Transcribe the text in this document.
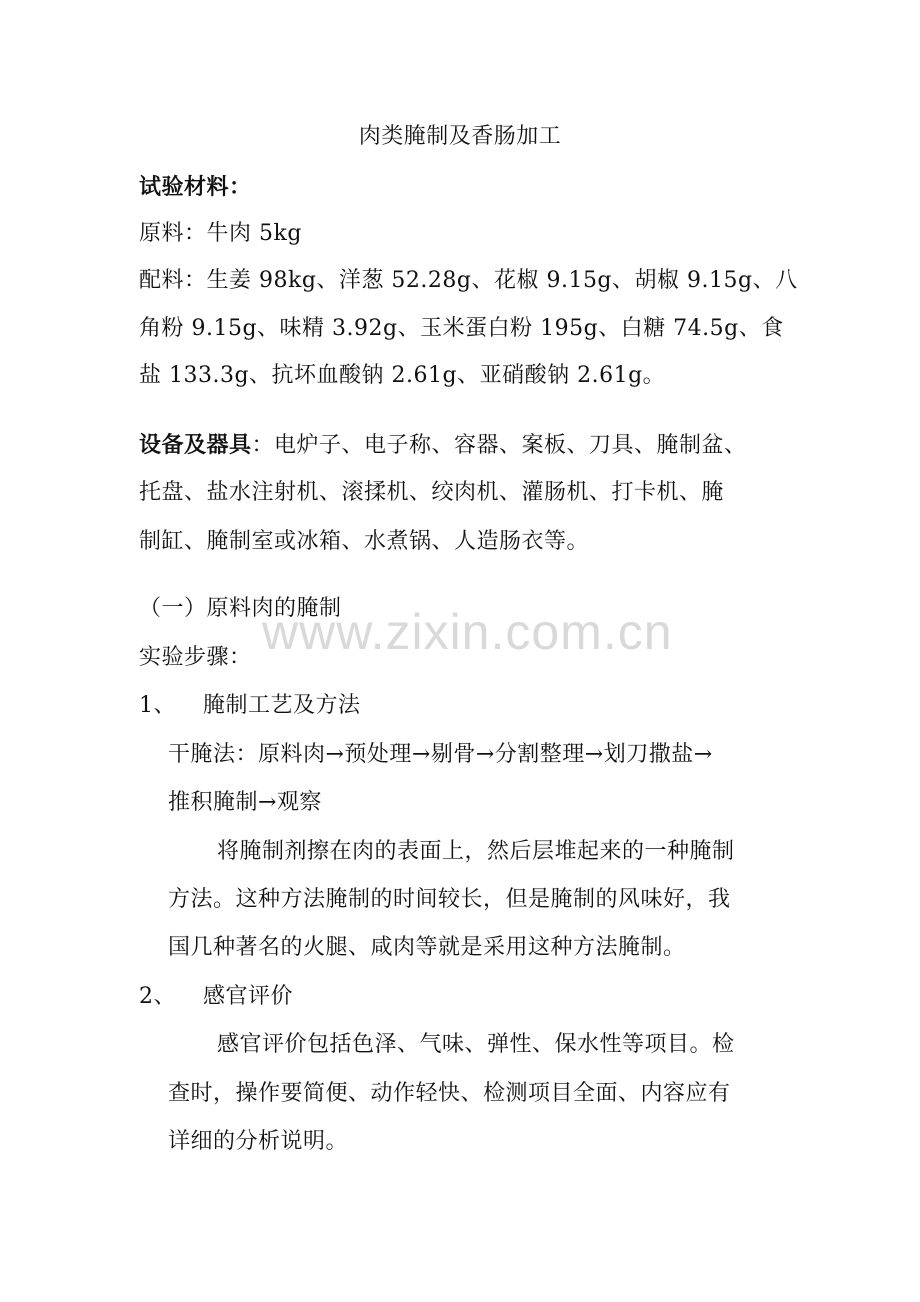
肉类腌制及香肠加工
试验材料：
原料：牛肉 5kg
配料：生姜 98kg、洋葱 52.28g、花椒 9.15g、胡椒 9.15g、八
角粉 9.15g、味精 3.92g、玉米蛋白粉 195g、白糖 74.5g、食
盐 133.3g、抗坏血酸钠 2.61g、亚硝酸钠 2.61g。
设备及器具：电炉子、电子称、容器、案板、刀具、腌制盆、
托盘、盐水注射机、滚揉机、绞肉机、灌肠机、打卡机、腌
制缸、腌制室或冰箱、水煮锅、人造肠衣等。
（一）原料肉的腌制
实验步骤：
1、 腌制工艺及方法
干腌法：原料肉→预处理→剔骨→分割整理→划刀撒盐→
推积腌制→观察
将腌制剂擦在肉的表面上，然后层堆起来的一种腌制
方法。这种方法腌制的时间较长，但是腌制的风味好，我
国几种著名的火腿、咸肉等就是采用这种方法腌制。
2、 感官评价
感官评价包括色泽、气味、弹性、保水性等项目。检
查时，操作要简便、动作轻快、检测项目全面、内容应有
详细的分析说明。
www.zixin.com.cn
